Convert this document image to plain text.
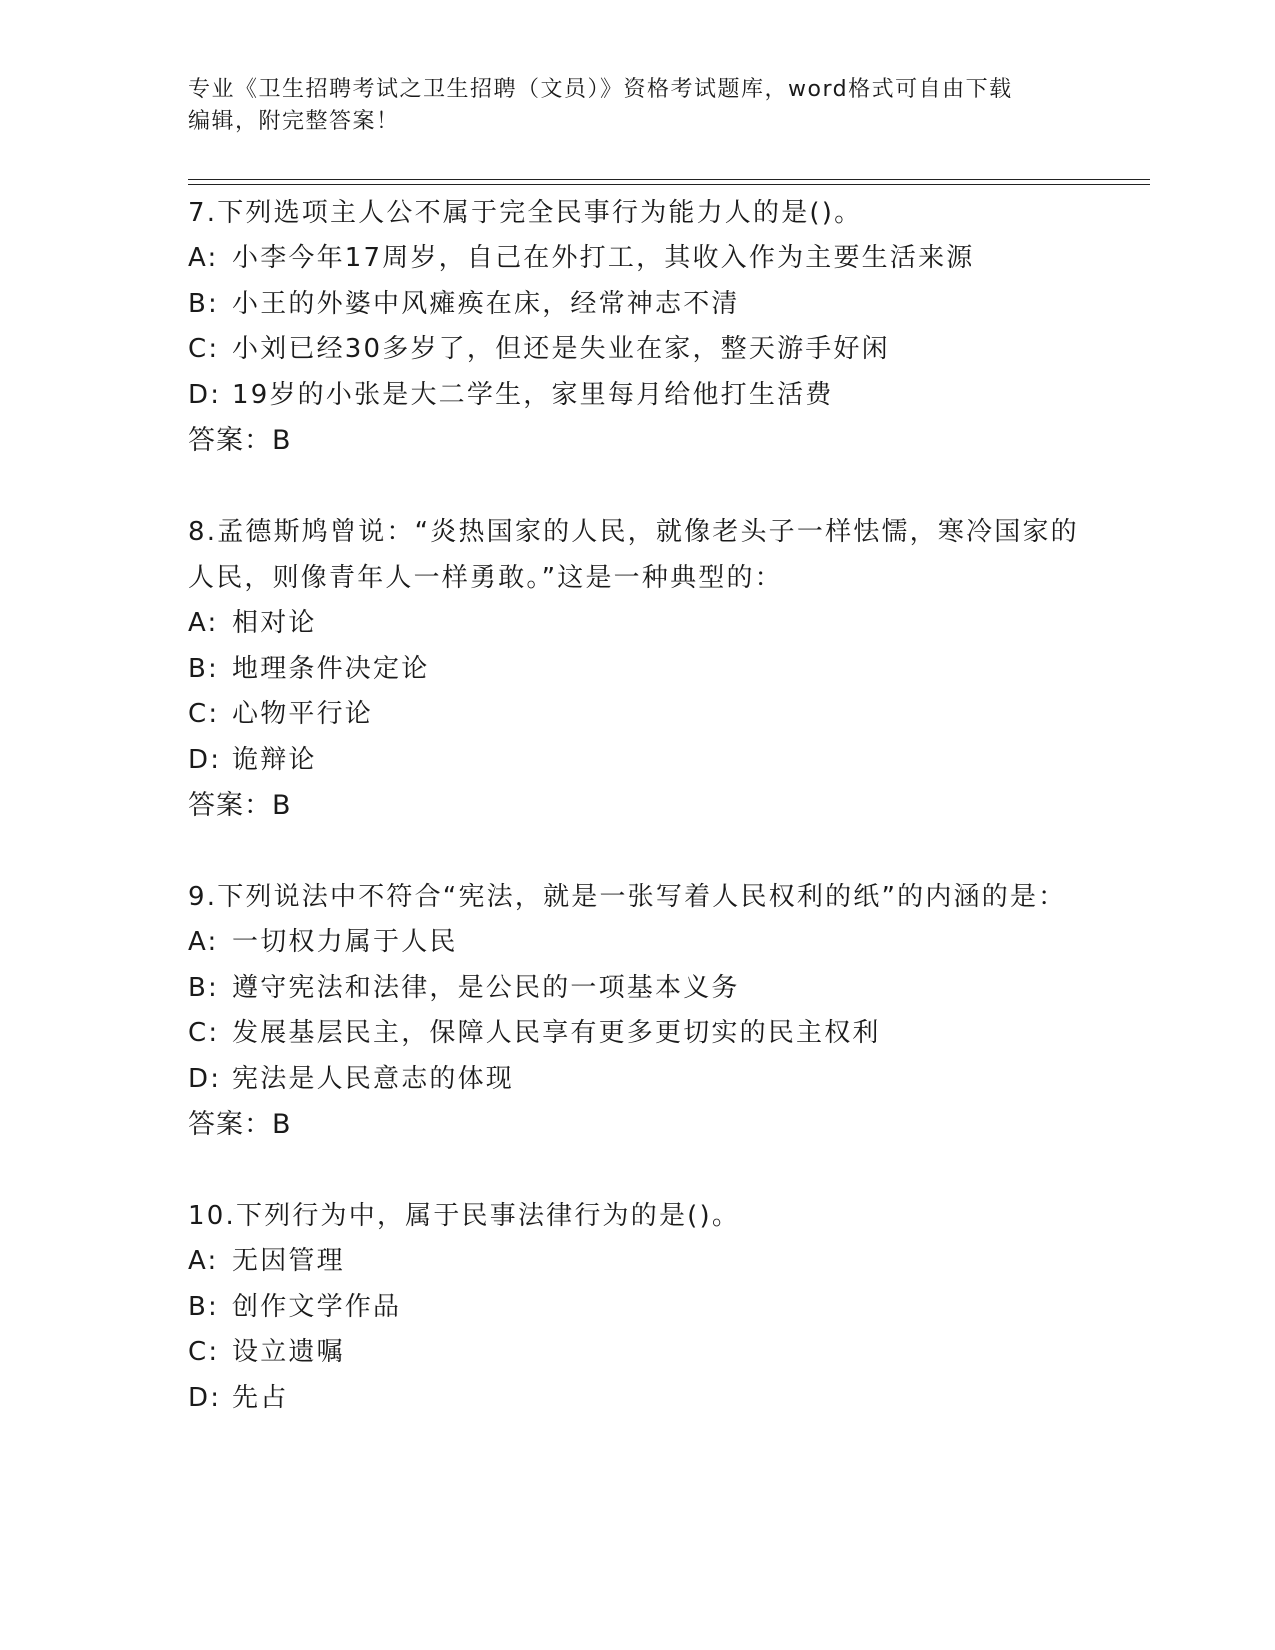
专业《卫生招聘考试之卫生招聘（文员）》资格考试题库，word格式可自由下载
编辑，附完整答案！
7.下列选项主人公不属于完全民事行为能力人的是()。
A: 小李今年17周岁，自己在外打工，其收入作为主要生活来源
B: 小王的外婆中风瘫痪在床，经常神志不清
C: 小刘已经30多岁了，但还是失业在家，整天游手好闲
D: 19岁的小张是大二学生，家里每月给他打生活费
答案：B
8.孟德斯鸠曾说：“炎热国家的人民，就像老头子一样怯懦，寒冷国家的人民，则像青年人一样勇敢。”这是一种典型的：
A: 相对论
B: 地理条件决定论
C: 心物平行论
D: 诡辩论
答案：B
9.下列说法中不符合“宪法，就是一张写着人民权利的纸”的内涵的是：
A: 一切权力属于人民
B: 遵守宪法和法律，是公民的一项基本义务
C: 发展基层民主，保障人民享有更多更切实的民主权利
D: 宪法是人民意志的体现
答案：B
10.下列行为中，属于民事法律行为的是()。
A: 无因管理
B: 创作文学作品
C: 设立遗嘱
D: 先占
